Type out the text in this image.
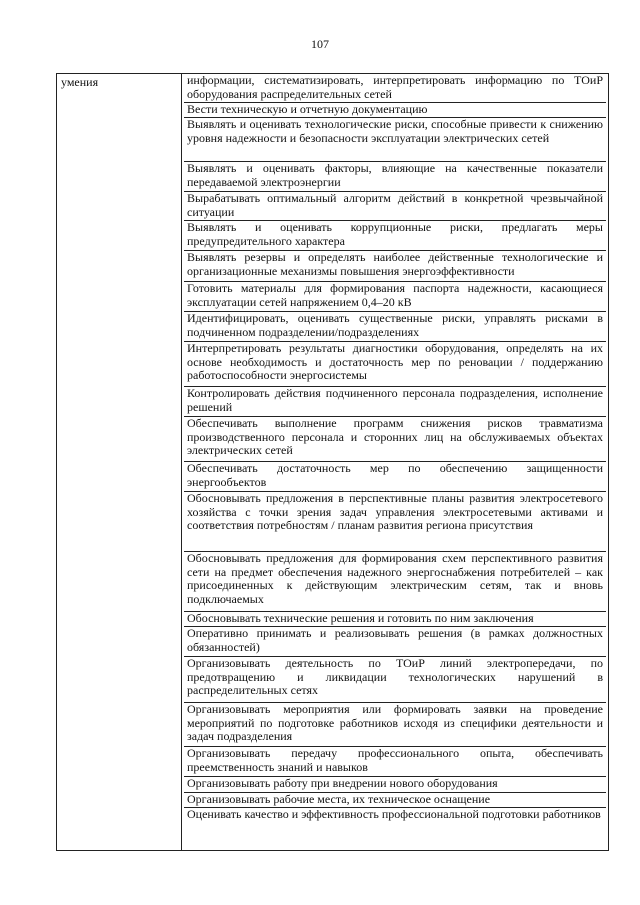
107
умения	информации, систематизировать, интерпретировать информацию по ТОиР оборудования распределительных сетей
Вести техническую и отчетную документацию
Выявлять и оценивать технологические риски, способные привести к снижению уровня надежности и безопасности эксплуатации электрических сетей
Выявлять и оценивать факторы, влияющие на качественные показатели передаваемой электроэнергии
Вырабатывать оптимальный алгоритм действий в конкретной чрезвычайной ситуации
Выявлять и оценивать коррупционные риски, предлагать меры предупредительного характера
Выявлять резервы и определять наиболее действенные технологические и организационные механизмы повышения энергоэффективности
Готовить материалы для формирования паспорта надежности, касающиеся эксплуатации сетей напряжением 0,4–20 кВ
Идентифицировать, оценивать существенные риски, управлять рисками в подчиненном подразделении/подразделениях
Интерпретировать результаты диагностики оборудования, определять на их основе необходимость и достаточность мер по реновации / поддержанию работоспособности энергосистемы
Контролировать действия подчиненного персонала подразделения, исполнение решений
Обеспечивать выполнение программ снижения рисков травматизма производственного персонала и сторонних лиц на обслуживаемых объектах электрических сетей
Обеспечивать достаточность мер по обеспечению защищенности энергообъектов
Обосновывать предложения в перспективные планы развития электросетевого хозяйства с точки зрения задач управления электросетевыми активами и соответствия потребностям / планам развития региона присутствия
Обосновывать предложения для формирования схем перспективного развития сети на предмет обеспечения надежного энергоснабжения потребителей – как присоединенных к действующим электрическим сетям, так и вновь подключаемых
Обосновывать технические решения и готовить по ним заключения
Оперативно принимать и реализовывать решения (в рамках должностных обязанностей)
Организовывать деятельность по ТОиР линий электропередачи, по предотвращению и ликвидации технологических нарушений в распределительных сетях
Организовывать мероприятия или формировать заявки на проведение мероприятий по подготовке работников исходя из специфики деятельности и задач подразделения
Организовывать передачу профессионального опыта, обеспечивать преемственность знаний и навыков
Организовывать работу при внедрении нового оборудования
Организовывать рабочие места, их техническое оснащение
Оценивать качество и эффективность профессиональной подготовки работников
